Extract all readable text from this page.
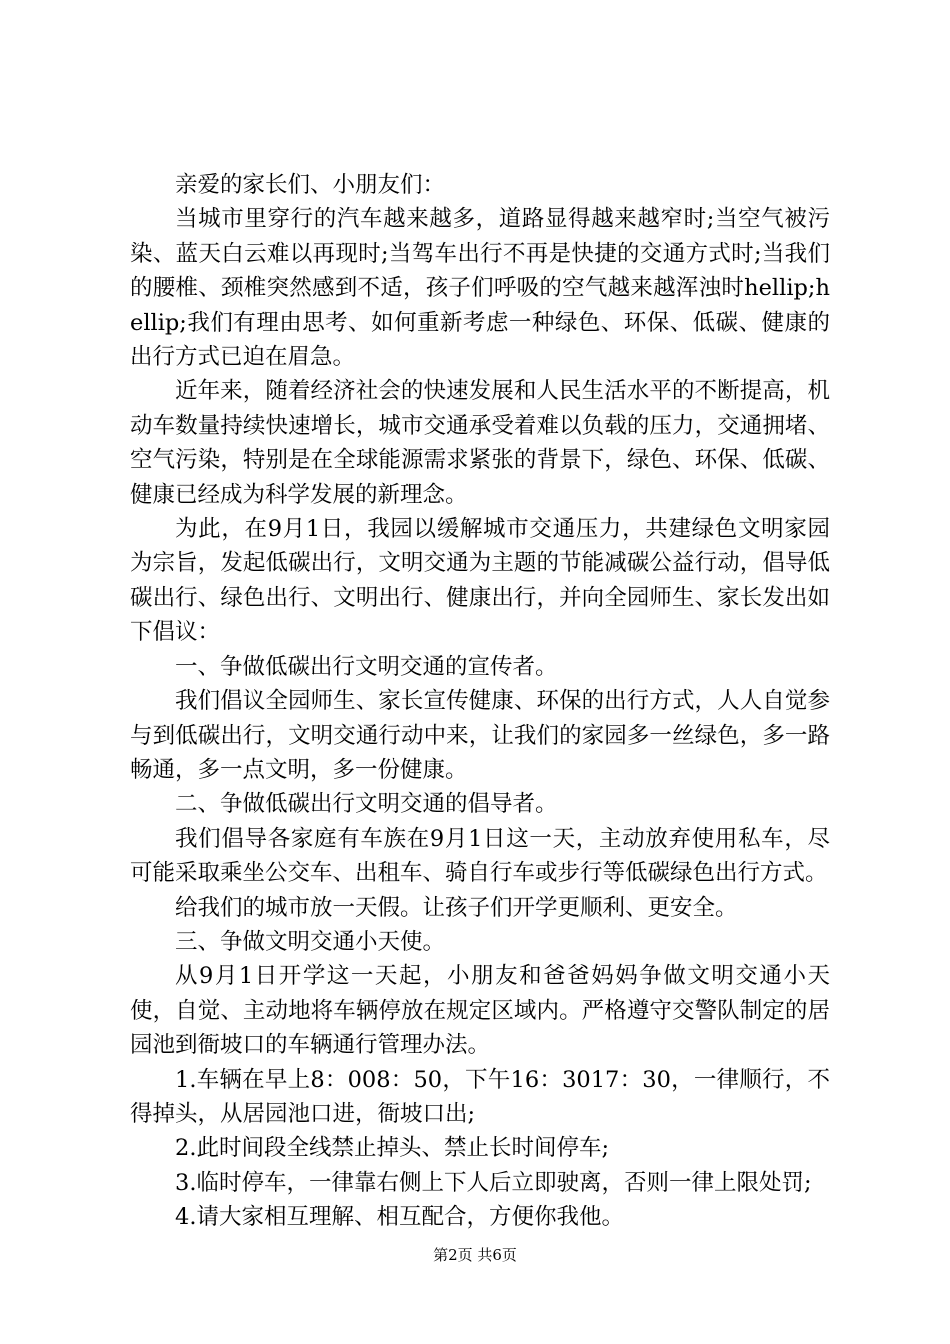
亲爱的家长们、小朋友们：

当城市里穿行的汽车越来越多，道路显得越来越窄时;当空气被污染、蓝天白云难以再现时;当驾车出行不再是快捷的交通方式时;当我们的腰椎、颈椎突然感到不适，孩子们呼吸的空气越来越浑浊时hellip;hellip;我们有理由思考、如何重新考虑一种绿色、环保、低碳、健康的出行方式已迫在眉急。

近年来，随着经济社会的快速发展和人民生活水平的不断提高，机动车数量持续快速增长，城市交通承受着难以负载的压力，交通拥堵、空气污染，特别是在全球能源需求紧张的背景下，绿色、环保、低碳、健康已经成为科学发展的新理念。

为此，在9月1日，我园以缓解城市交通压力，共建绿色文明家园为宗旨，发起低碳出行，文明交通为主题的节能减碳公益行动，倡导低碳出行、绿色出行、文明出行、健康出行，并向全园师生、家长发出如下倡议：

一、争做低碳出行文明交通的宣传者。

我们倡议全园师生、家长宣传健康、环保的出行方式，人人自觉参与到低碳出行，文明交通行动中来，让我们的家园多一丝绿色，多一路畅通，多一点文明，多一份健康。

二、争做低碳出行文明交通的倡导者。

我们倡导各家庭有车族在9月1日这一天，主动放弃使用私车，尽可能采取乘坐公交车、出租车、骑自行车或步行等低碳绿色出行方式。

给我们的城市放一天假。让孩子们开学更顺利、更安全。

三、争做文明交通小天使。

从9月1日开学这一天起，小朋友和爸爸妈妈争做文明交通小天使，自觉、主动地将车辆停放在规定区域内。严格遵守交警队制定的居园池到衙坡口的车辆通行管理办法。

1.车辆在早上8：008：50，下午16：3017：30，一律顺行，不得掉头，从居园池口进，衙坡口出;

2.此时间段全线禁止掉头、禁止长时间停车;

3.临时停车，一律靠右侧上下人后立即驶离，否则一律上限处罚;

4.请大家相互理解、相互配合，方便你我他。

第2页 共6页
